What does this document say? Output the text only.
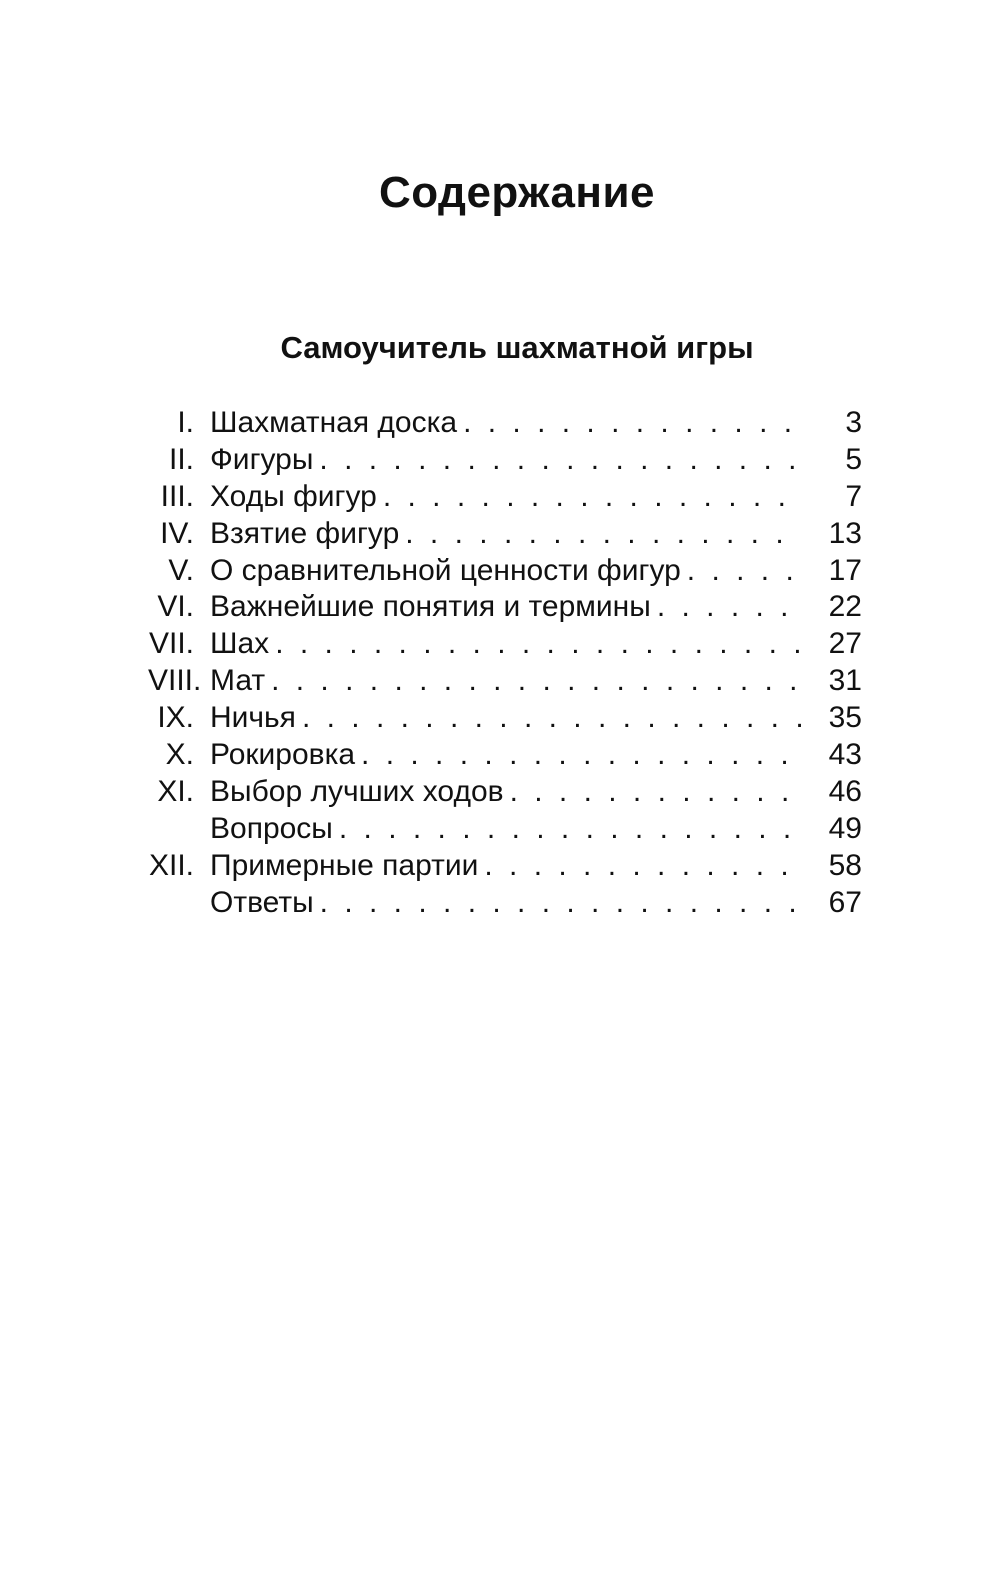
Содержание
Самоучитель шахматной игры
I. Шахматная доска . . .	3
II. Фигуры . . .	5
III. Ходы фигур . . .	7
IV. Взятие фигур . . .	13
V. О сравнительной ценности фигур . . .	17
VI. Важнейшие понятия и термины . . .	22
VII. Шах . . .	27
VIII. Мат . . .	31
IX. Ничья . . .	35
X. Рокировка . . .	43
XI. Выбор лучших ходов . . .	46
Вопросы . . .	49
XII. Примерные партии . . .	58
Ответы . . .	67
